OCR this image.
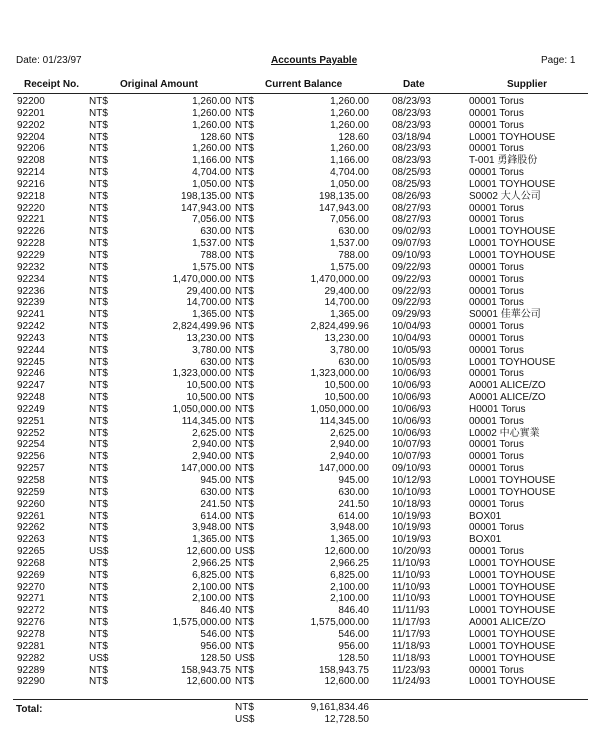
Date: 01/23/97	Accounts Payable	Page: 1
Receipt No.	Original Amount	Current Balance	Date	Supplier
92200	NT$	1,260.00 NT$	1,260.00 08/23/93	00001 Torus
92201	NT$	1,260.00 NT$	1,260.00 08/23/93	00001 Torus
92202	NT$	1,260.00 NT$	1,260.00 08/23/93	00001 Torus
92204	NT$	128.60 NT$	128.60 03/18/94	L0001 TOYHOUSE
92206	NT$	1,260.00 NT$	1,260.00 08/23/93	00001 Torus
92208	NT$	1,166.00 NT$	1,166.00 08/23/93	T-001 勇鋒股份
92214	NT$	4,704.00 NT$	4,704.00 08/25/93	00001 Torus
92216	NT$	1,050.00 NT$	1,050.00 08/25/93	L0001 TOYHOUSE
92218	NT$	198,135.00 NT$	198,135.00 08/26/93	S0002 大人公司
92220	NT$	147,943.00 NT$	147,943.00 08/27/93	00001 Torus
92221	NT$	7,056.00 NT$	7,056.00 08/27/93	00001 Torus
92226	NT$	630.00 NT$	630.00 09/02/93	L0001 TOYHOUSE
92228	NT$	1,537.00 NT$	1,537.00 09/07/93	L0001 TOYHOUSE
92229	NT$	788.00 NT$	788.00 09/10/93	L0001 TOYHOUSE
92232	NT$	1,575.00 NT$	1,575.00 09/22/93	00001 Torus
92234	NT$	1,470,000.00 NT$	1,470,000.00 09/22/93	00001 Torus
92236	NT$	29,400.00 NT$	29,400.00 09/22/93	00001 Torus
92239	NT$	14,700.00 NT$	14,700.00 09/22/93	00001 Torus
92241	NT$	1,365.00 NT$	1,365.00 09/29/93	S0001 佳華公司
92242	NT$	2,824,499.96 NT$	2,824,499.96 10/04/93	00001 Torus
92243	NT$	13,230.00 NT$	13,230.00 10/04/93	00001 Torus
92244	NT$	3,780.00 NT$	3,780.00 10/05/93	00001 Torus
92245	NT$	630.00 NT$	630.00 10/05/93	L0001 TOYHOUSE
92246	NT$	1,323,000.00 NT$	1,323,000.00 10/06/93	00001 Torus
92247	NT$	10,500.00 NT$	10,500.00 10/06/93	A0001 ALICE/ZO
92248	NT$	10,500.00 NT$	10,500.00 10/06/93	A0001 ALICE/ZO
92249	NT$	1,050,000.00 NT$	1,050,000.00 10/06/93	H0001 Torus
92251	NT$	114,345.00 NT$	114,345.00 10/06/93	00001 Torus
92252	NT$	2,625.00 NT$	2,625.00 10/06/93	L0002 中心實業
92254	NT$	2,940.00 NT$	2,940.00 10/07/93	00001 Torus
92256	NT$	2,940.00 NT$	2,940.00 10/07/93	00001 Torus
92257	NT$	147,000.00 NT$	147,000.00 09/10/93	00001 Torus
92258	NT$	945.00 NT$	945.00 10/12/93	L0001 TOYHOUSE
92259	NT$	630.00 NT$	630.00 10/10/93	L0001 TOYHOUSE
92260	NT$	241.50 NT$	241.50 10/18/93	00001 Torus
92261	NT$	614.00 NT$	614.00 10/19/93	BOX01
92262	NT$	3,948.00 NT$	3,948.00 10/19/93	00001 Torus
92263	NT$	1,365.00 NT$	1,365.00 10/19/93	BOX01
92265	US$	12,600.00 US$	12,600.00 10/20/93	00001 Torus
92268	NT$	2,966.25 NT$	2,966.25 11/10/93	L0001 TOYHOUSE
92269	NT$	6,825.00 NT$	6,825.00 11/10/93	L0001 TOYHOUSE
92270	NT$	2,100.00 NT$	2,100.00 11/10/93	L0001 TOYHOUSE
92271	NT$	2,100.00 NT$	2,100.00 11/10/93	L0001 TOYHOUSE
92272	NT$	846.40 NT$	846.40 11/11/93	L0001 TOYHOUSE
92276	NT$	1,575,000.00 NT$	1,575,000.00 11/17/93	A0001 ALICE/ZO
92278	NT$	546.00 NT$	546.00 11/17/93	L0001 TOYHOUSE
92281	NT$	956.00 NT$	956.00 11/18/93	L0001 TOYHOUSE
92282	US$	128.50 US$	128.50 11/18/93	L0001 TOYHOUSE
92289	NT$	158,943.75 NT$	158,943.75 11/23/93	00001 Torus
92290	NT$	12,600.00 NT$	12,600.00 11/24/93	L0001 TOYHOUSE
Total:	NT$	9,161,834.46
US$	12,728.50
